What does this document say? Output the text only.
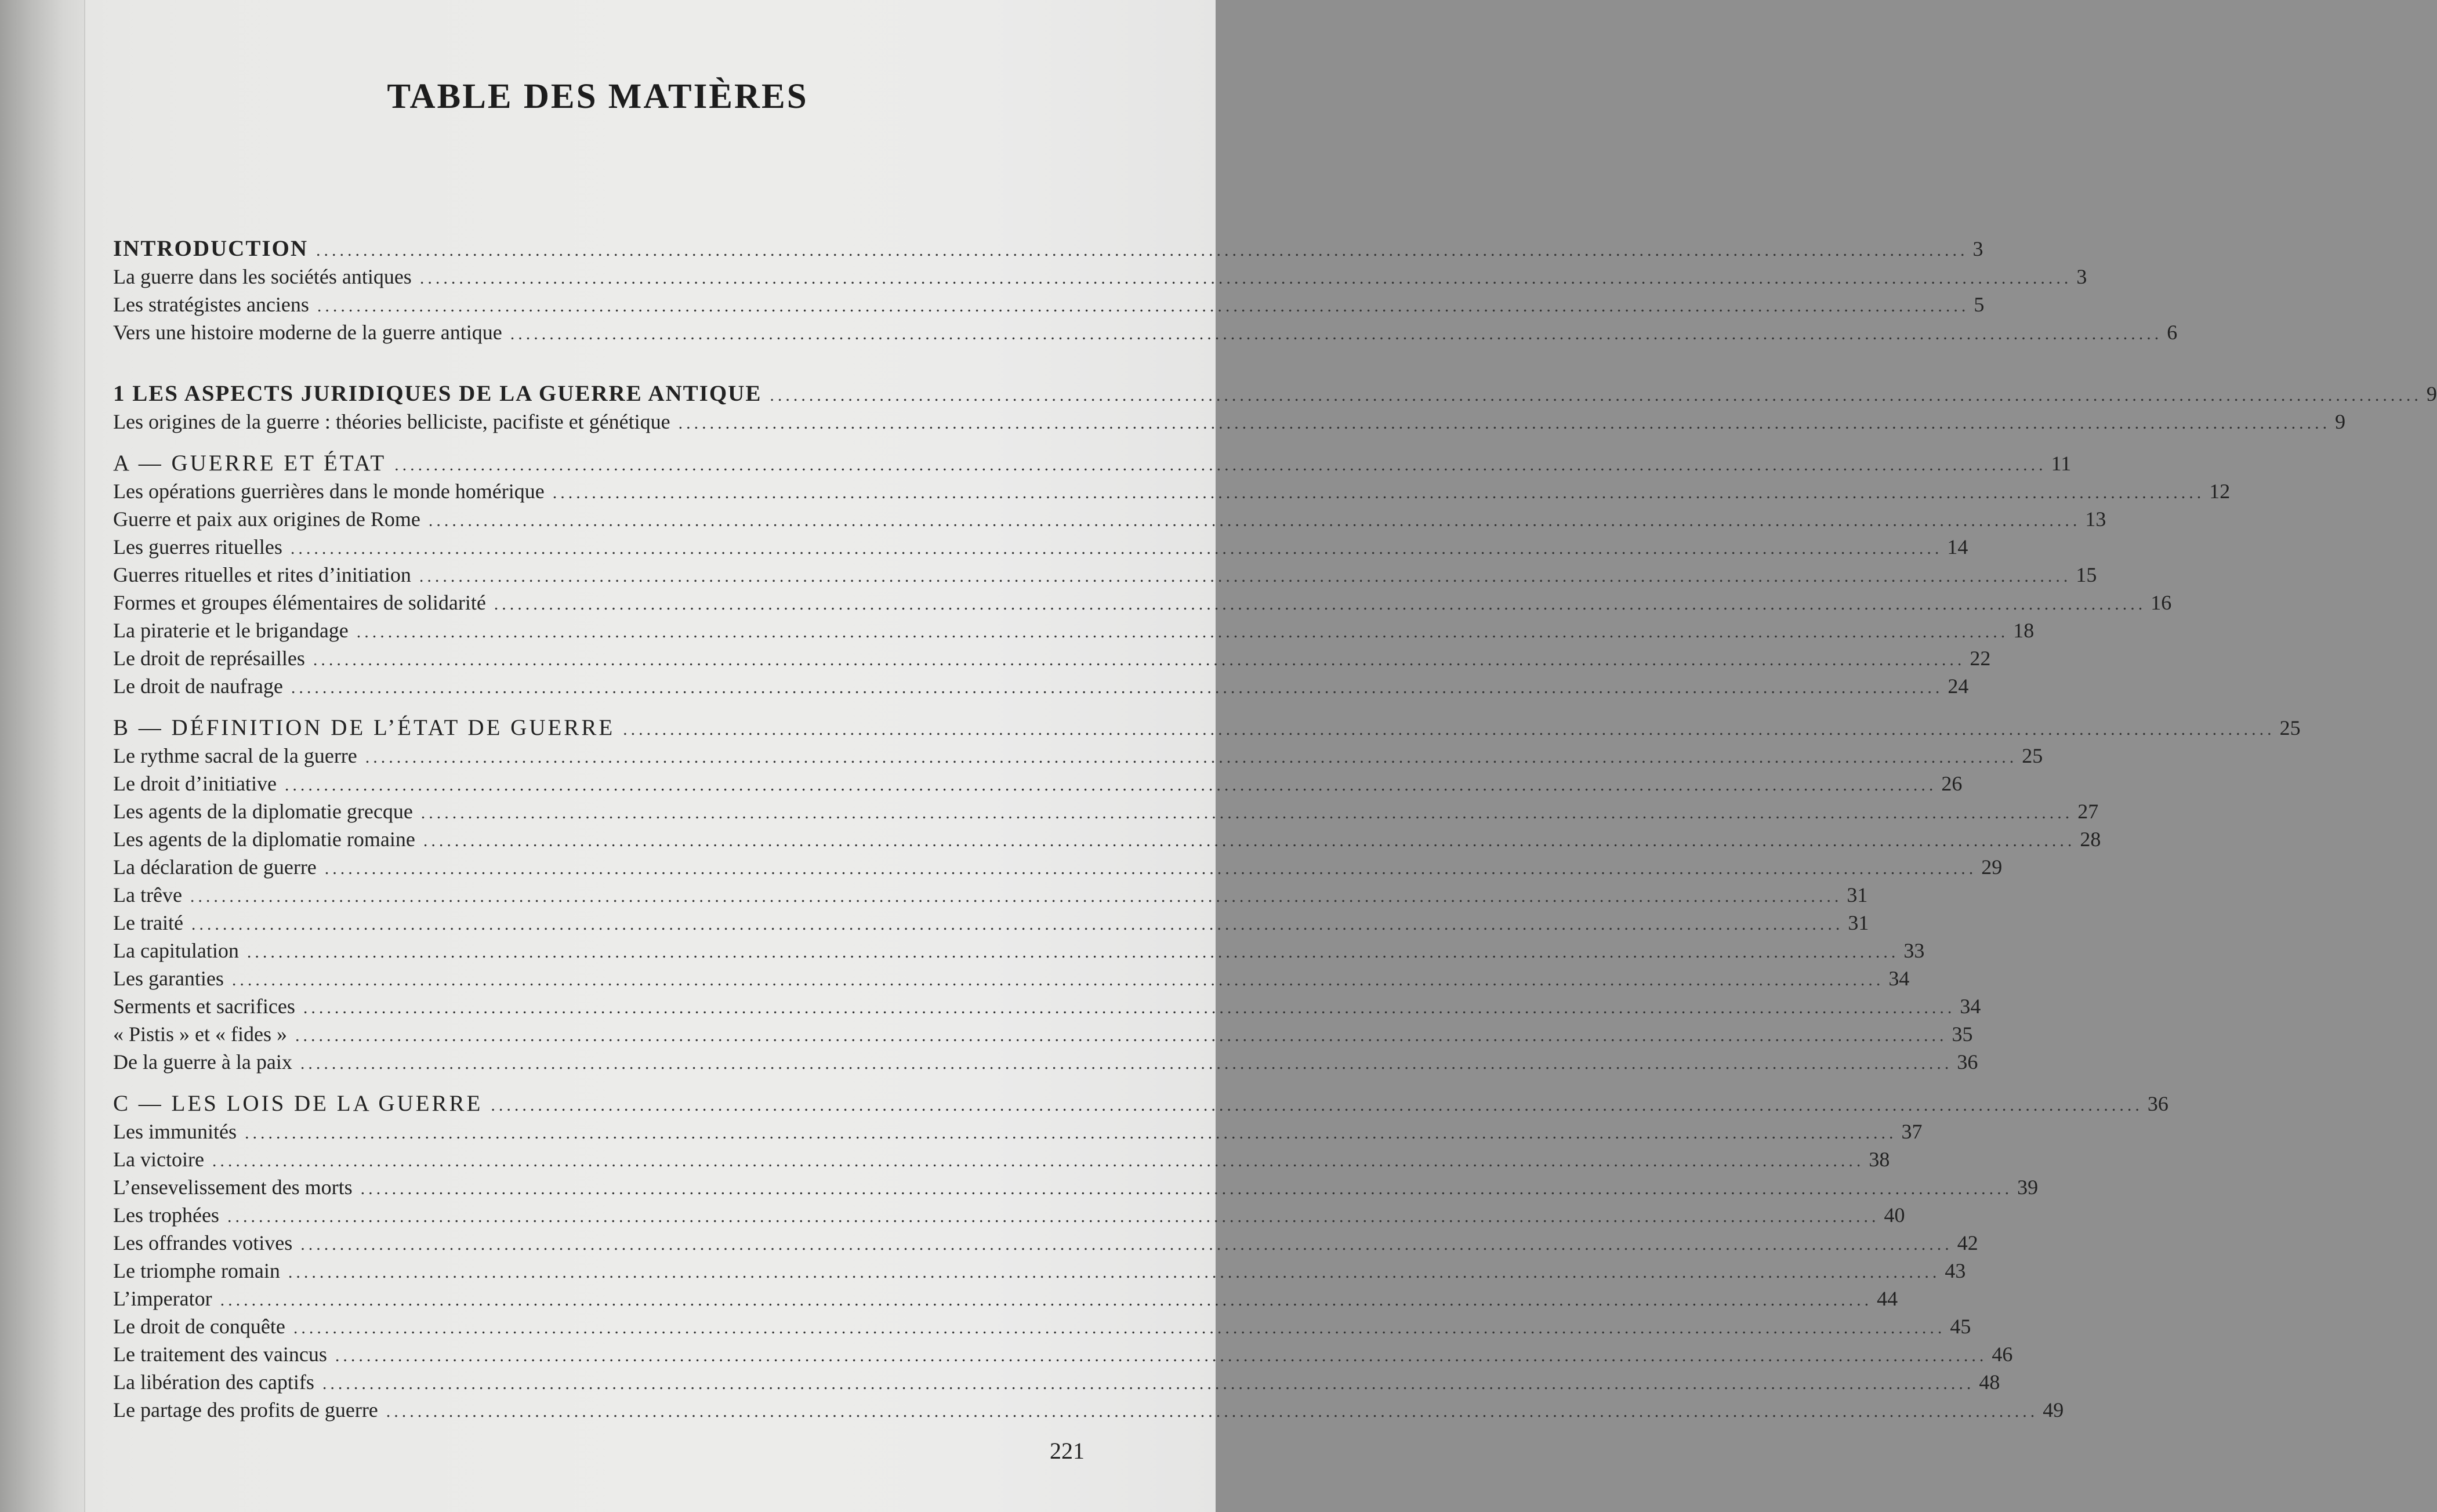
TABLE DES MATIÈRES
INTRODUCTION ................................................................................................................................................................................................................... 3
La guerre dans les sociétés antiques ................................................................................................................................................................................................................... 3
Les stratégistes anciens ................................................................................................................................................................................................................... 5
Vers une histoire moderne de la guerre antique ................................................................................................................................................................................................................... 6
1 LES ASPECTS JURIDIQUES DE LA GUERRE ANTIQUE ................................................................................................................................................................................................................... 9
Les origines de la guerre : théories belliciste, pacifiste et génétique ................................................................................................................................................................................................................... 9
A — GUERRE ET ÉTAT ................................................................................................................................................................................................................... 11
Les opérations guerrières dans le monde homérique ................................................................................................................................................................................................................... 12
Guerre et paix aux origines de Rome ................................................................................................................................................................................................................... 13
Les guerres rituelles ................................................................................................................................................................................................................... 14
Guerres rituelles et rites d’initiation ................................................................................................................................................................................................................... 15
Formes et groupes élémentaires de solidarité ................................................................................................................................................................................................................... 16
La piraterie et le brigandage ................................................................................................................................................................................................................... 18
Le droit de représailles ................................................................................................................................................................................................................... 22
Le droit de naufrage ................................................................................................................................................................................................................... 24
B — DÉFINITION DE L’ÉTAT DE GUERRE ................................................................................................................................................................................................................... 25
Le rythme sacral de la guerre ................................................................................................................................................................................................................... 25
Le droit d’initiative ................................................................................................................................................................................................................... 26
Les agents de la diplomatie grecque ................................................................................................................................................................................................................... 27
Les agents de la diplomatie romaine ................................................................................................................................................................................................................... 28
La déclaration de guerre ................................................................................................................................................................................................................... 29
La trêve ................................................................................................................................................................................................................... 31
Le traité ................................................................................................................................................................................................................... 31
La capitulation ................................................................................................................................................................................................................... 33
Les garanties ................................................................................................................................................................................................................... 34
Serments et sacrifices ................................................................................................................................................................................................................... 34
« Pistis » et « fides » ................................................................................................................................................................................................................... 35
De la guerre à la paix ................................................................................................................................................................................................................... 36
C — LES LOIS DE LA GUERRE ................................................................................................................................................................................................................... 36
Les immunités ................................................................................................................................................................................................................... 37
La victoire ................................................................................................................................................................................................................... 38
L’ensevelissement des morts ................................................................................................................................................................................................................... 39
Les trophées ................................................................................................................................................................................................................... 40
Les offrandes votives ................................................................................................................................................................................................................... 42
Le triomphe romain ................................................................................................................................................................................................................... 43
L’imperator ................................................................................................................................................................................................................... 44
Le droit de conquête ................................................................................................................................................................................................................... 45
Le traitement des vaincus ................................................................................................................................................................................................................... 46
La libération des captifs ................................................................................................................................................................................................................... 48
Le partage des profits de guerre ................................................................................................................................................................................................................... 49
221
